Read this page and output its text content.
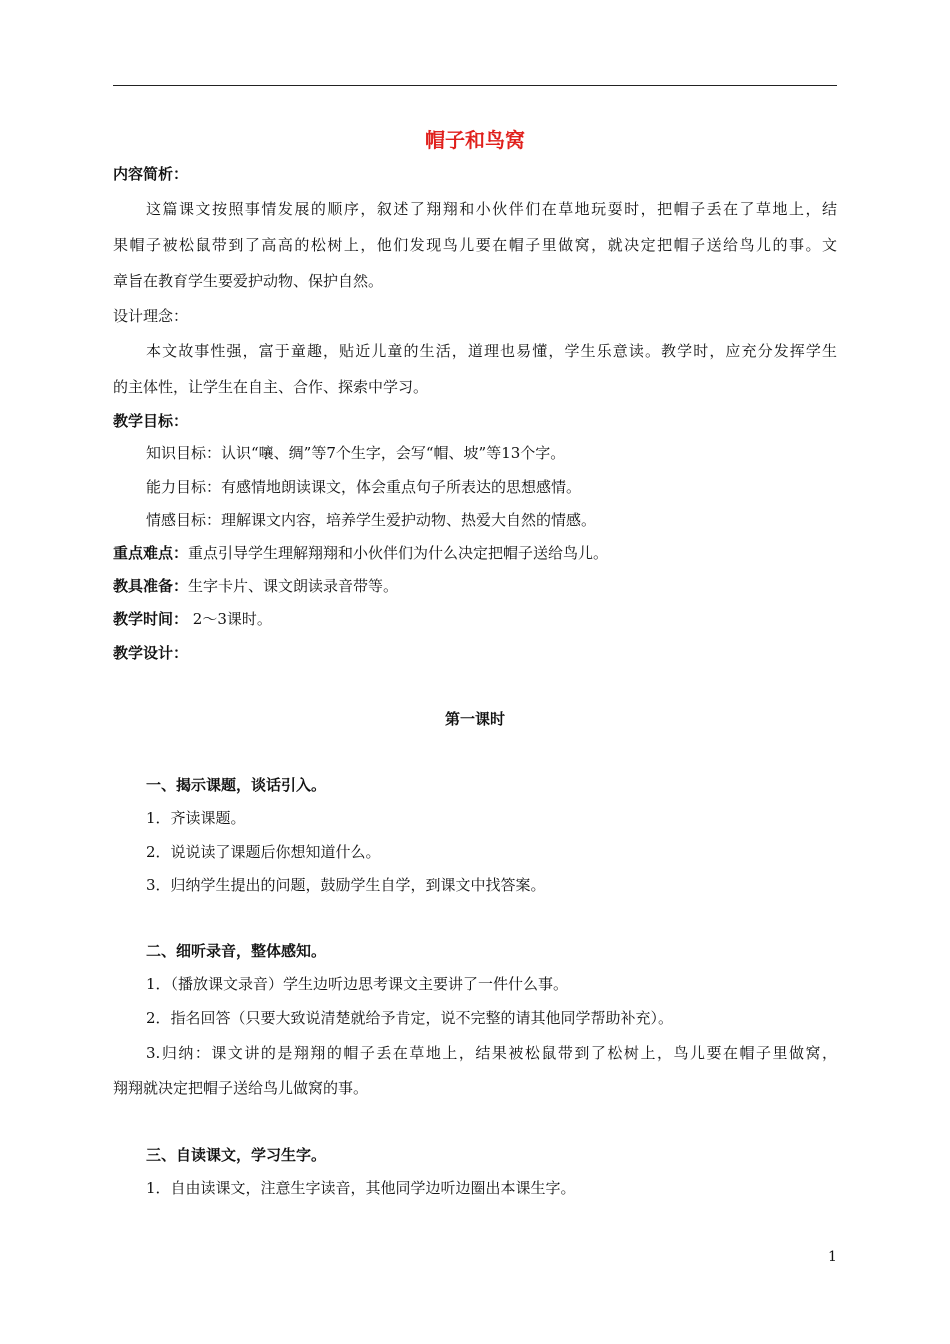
帽子和鸟窝
内容简析：
这篇课文按照事情发展的顺序，叙述了翔翔和小伙伴们在草地玩耍时，把帽子丢在了草地上，结
果帽子被松鼠带到了高高的松树上，他们发现鸟儿要在帽子里做窝，就决定把帽子送给鸟儿的事。文
章旨在教育学生要爱护动物、保护自然。
设计理念：
本文故事性强，富于童趣，贴近儿童的生活，道理也易懂，学生乐意读。教学时，应充分发挥学生
的主体性，让学生在自主、合作、探索中学习。
教学目标：
知识目标：认识“嚷、绸”等7个生字，会写“帽、坡”等13个字。
能力目标：有感情地朗读课文，体会重点句子所表达的思想感情。
情感目标：理解课文内容，培养学生爱护动物、热爱大自然的情感。
重点难点：重点引导学生理解翔翔和小伙伴们为什么决定把帽子送给鸟儿。
教具准备：生字卡片、课文朗读录音带等。
教学时间： 2～3课时。
教学设计：
第一课时
一、揭示课题，谈话引入。
1．齐读课题。
2．说说读了课题后你想知道什么。
3．归纳学生提出的问题，鼓励学生自学，到课文中找答案。
二、细听录音，整体感知。
1．（播放课文录音）学生边听边思考课文主要讲了一件什么事。
2．指名回答（只要大致说清楚就给予肯定，说不完整的请其他同学帮助补充）。
3.归纳：课文讲的是翔翔的帽子丢在草地上，结果被松鼠带到了松树上，鸟儿要在帽子里做窝，
翔翔就决定把帽子送给鸟儿做窝的事。
三、自读课文，学习生字。
1．自由读课文，注意生字读音，其他同学边听边圈出本课生字。
1
